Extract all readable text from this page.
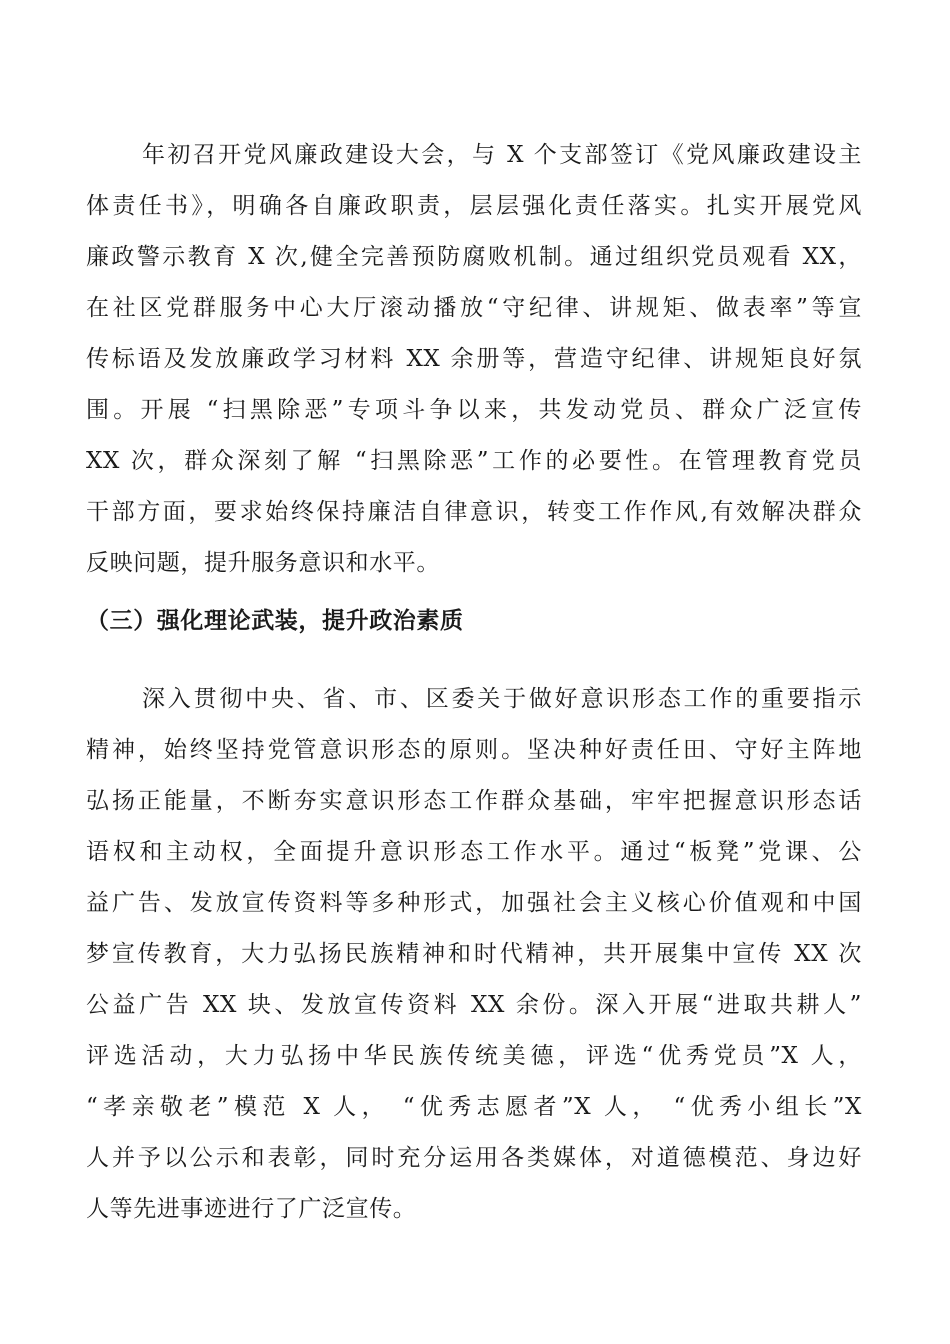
年初召开党风廉政建设大会，与 X 个支部签订《党风廉政建设主
体责任书》，明确各自廉政职责，层层强化责任落实。扎实开展党风
廉政警示教育 X 次,健全完善预防腐败机制。通过组织党员观看 XX，
在社区党群服务中心大厅滚动播放“守纪律、讲规矩、做表率”等宣
传标语及发放廉政学习材料 XX 余册等，营造守纪律、讲规矩良好氛
围。开展 “扫黑除恶”专项斗争以来，共发动党员、群众广泛宣传
XX 次，群众深刻了解 “扫黑除恶”工作的必要性。在管理教育党员
干部方面，要求始终保持廉洁自律意识，转变工作作风,有效解决群众
反映问题，提升服务意识和水平。
（三）强化理论武装，提升政治素质
深入贯彻中央、省、市、区委关于做好意识形态工作的重要指示
精神，始终坚持党管意识形态的原则。坚决种好责任田、守好主阵地
弘扬正能量，不断夯实意识形态工作群众基础，牢牢把握意识形态话
语权和主动权，全面提升意识形态工作水平。通过“板凳”党课、公
益广告、发放宣传资料等多种形式，加强社会主义核心价值观和中国
梦宣传教育，大力弘扬民族精神和时代精神，共开展集中宣传 XX 次
公益广告 XX 块、发放宣传资料 XX 余份。深入开展“进取共耕人”
评选活动，大力弘扬中华民族传统美德，评选“优秀党员”X 人，
“孝亲敬老”模范 X 人， “优秀志愿者”X 人， “优秀小组长”X
人并予以公示和表彰，同时充分运用各类媒体，对道德模范、身边好
人等先进事迹进行了广泛宣传。
